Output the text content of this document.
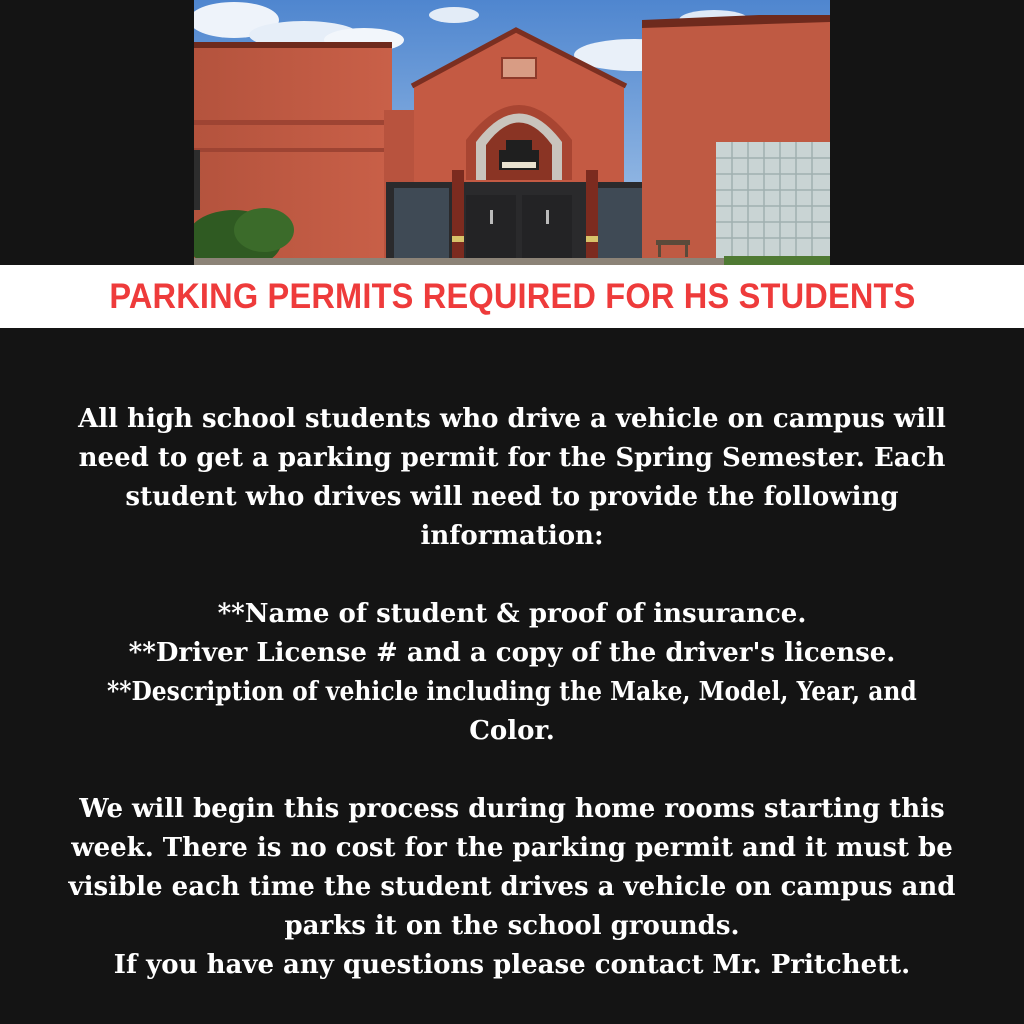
PARKING PERMITS REQUIRED FOR HS STUDENTS

All high school students who drive a vehicle on campus will

need to get a parking permit for the Spring Semester. Each

student who drives will need to provide the following

information:

**Name of student & proof of insurance.

**Driver License # and a copy of the driver's license.

**Description of vehicle including the Make, Model, Year, and

Color.

We will begin this process during home rooms starting this

week. There is no cost for the parking permit and it must be

visible each time the student drives a vehicle on campus and

parks it on the school grounds.

If you have any questions please contact Mr. Pritchett.
